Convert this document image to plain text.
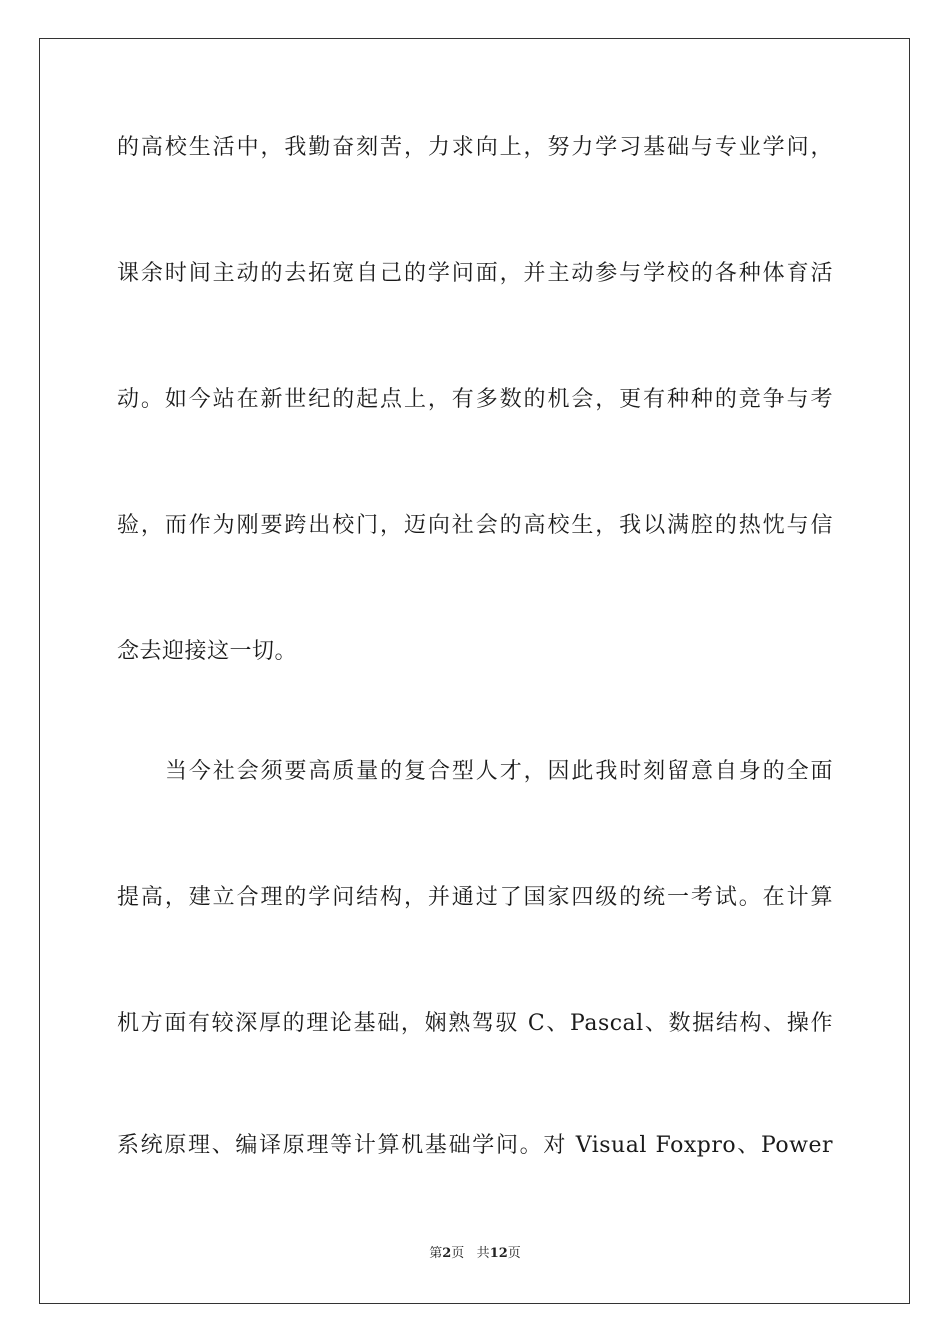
的高校生活中，我勤奋刻苦，力求向上，努力学习基础与专业学问，
课余时间主动的去拓宽自己的学问面，并主动参与学校的各种体育活
动。如今站在新世纪的起点上，有多数的机会，更有种种的竞争与考
验，而作为刚要跨出校门，迈向社会的高校生，我以满腔的热忱与信
念去迎接这一切。
当今社会须要高质量的复合型人才，因此我时刻留意自身的全面
提高，建立合理的学问结构，并通过了国家四级的统一考试。在计算
机方面有较深厚的理论基础，娴熟驾驭 C、Pascal、数据结构、操作
系统原理、编译原理等计算机基础学问。对 Visual Foxpro、Power
第2页 共12页
